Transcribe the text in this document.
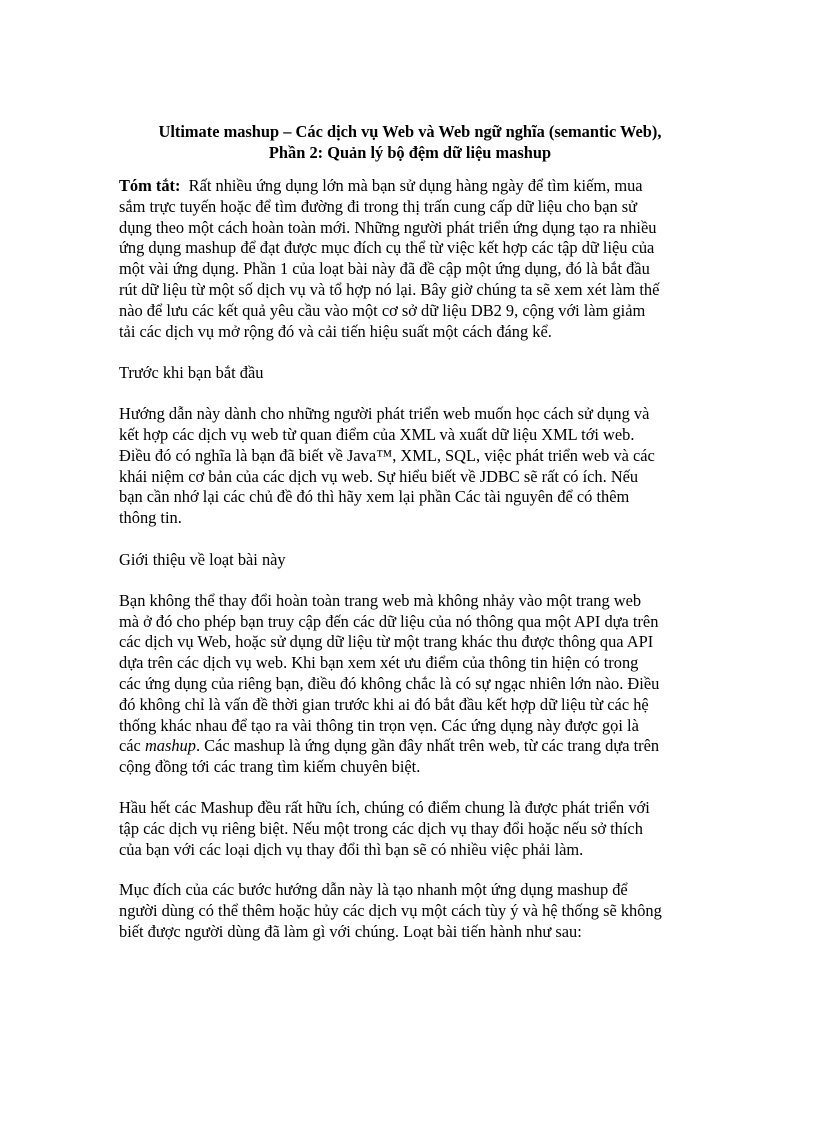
Ultimate mashup – Các dịch vụ Web và Web ngữ nghĩa (semantic Web),
Phần 2: Quản lý bộ đệm dữ liệu mashup

Tóm tắt:  Rất nhiều ứng dụng lớn mà bạn sử dụng hàng ngày để tìm kiếm, mua
sắm trực tuyến hoặc để tìm đường đi trong thị trấn cung cấp dữ liệu cho bạn sử
dụng theo một cách hoàn toàn mới. Những người phát triển ứng dụng tạo ra nhiều
ứng dụng mashup để đạt được mục đích cụ thể từ việc kết hợp các tập dữ liệu của
một vài ứng dụng. Phần 1 của loạt bài này đã đề cập một ứng dụng, đó là bắt đầu
rút dữ liệu từ một số dịch vụ và tổ hợp nó lại. Bây giờ chúng ta sẽ xem xét làm thế
nào để lưu các kết quả yêu cầu vào một cơ sở dữ liệu DB2 9, cộng với làm giảm
tải các dịch vụ mở rộng đó và cải tiến hiệu suất một cách đáng kể.

Trước khi bạn bắt đầu

Hướng dẫn này dành cho những người phát triển web muốn học cách sử dụng và
kết hợp các dịch vụ web từ quan điểm của XML và xuất dữ liệu XML tới web.
Điều đó có nghĩa là bạn đã biết về Java™, XML, SQL, việc phát triển web và các
khái niệm cơ bản của các dịch vụ web. Sự hiểu biết về JDBC sẽ rất có ích. Nếu
bạn cần nhớ lại các chủ đề đó thì hãy xem lại phần Các tài nguyên để có thêm
thông tin.

Giới thiệu về loạt bài này

Bạn không thể thay đổi hoàn toàn trang web mà không nhảy vào một trang web
mà ở đó cho phép bạn truy cập đến các dữ liệu của nó thông qua một API dựa trên
các dịch vụ Web, hoặc sử dụng dữ liệu từ một trang khác thu được thông qua API
dựa trên các dịch vụ web. Khi bạn xem xét ưu điểm của thông tin hiện có trong
các ứng dụng của riêng bạn, điều đó không chắc là có sự ngạc nhiên lớn nào. Điều
đó không chỉ là vấn đề thời gian trước khi ai đó bắt đầu kết hợp dữ liệu từ các hệ
thống khác nhau để tạo ra vài thông tin trọn vẹn. Các ứng dụng này được gọi là
các mashup. Các mashup là ứng dụng gần đây nhất trên web, từ các trang dựa trên
cộng đồng tới các trang tìm kiếm chuyên biệt.

Hầu hết các Mashup đều rất hữu ích, chúng có điểm chung là được phát triển với
tập các dịch vụ riêng biệt. Nếu một trong các dịch vụ thay đổi hoặc nếu sở thích
của bạn với các loại dịch vụ thay đổi thì bạn sẽ có nhiều việc phải làm.

Mục đích của các bước hướng dẫn này là tạo nhanh một ứng dụng mashup để
người dùng có thể thêm hoặc hủy các dịch vụ một cách tùy ý và hệ thống sẽ không
biết được người dùng đã làm gì với chúng. Loạt bài tiến hành như sau:
